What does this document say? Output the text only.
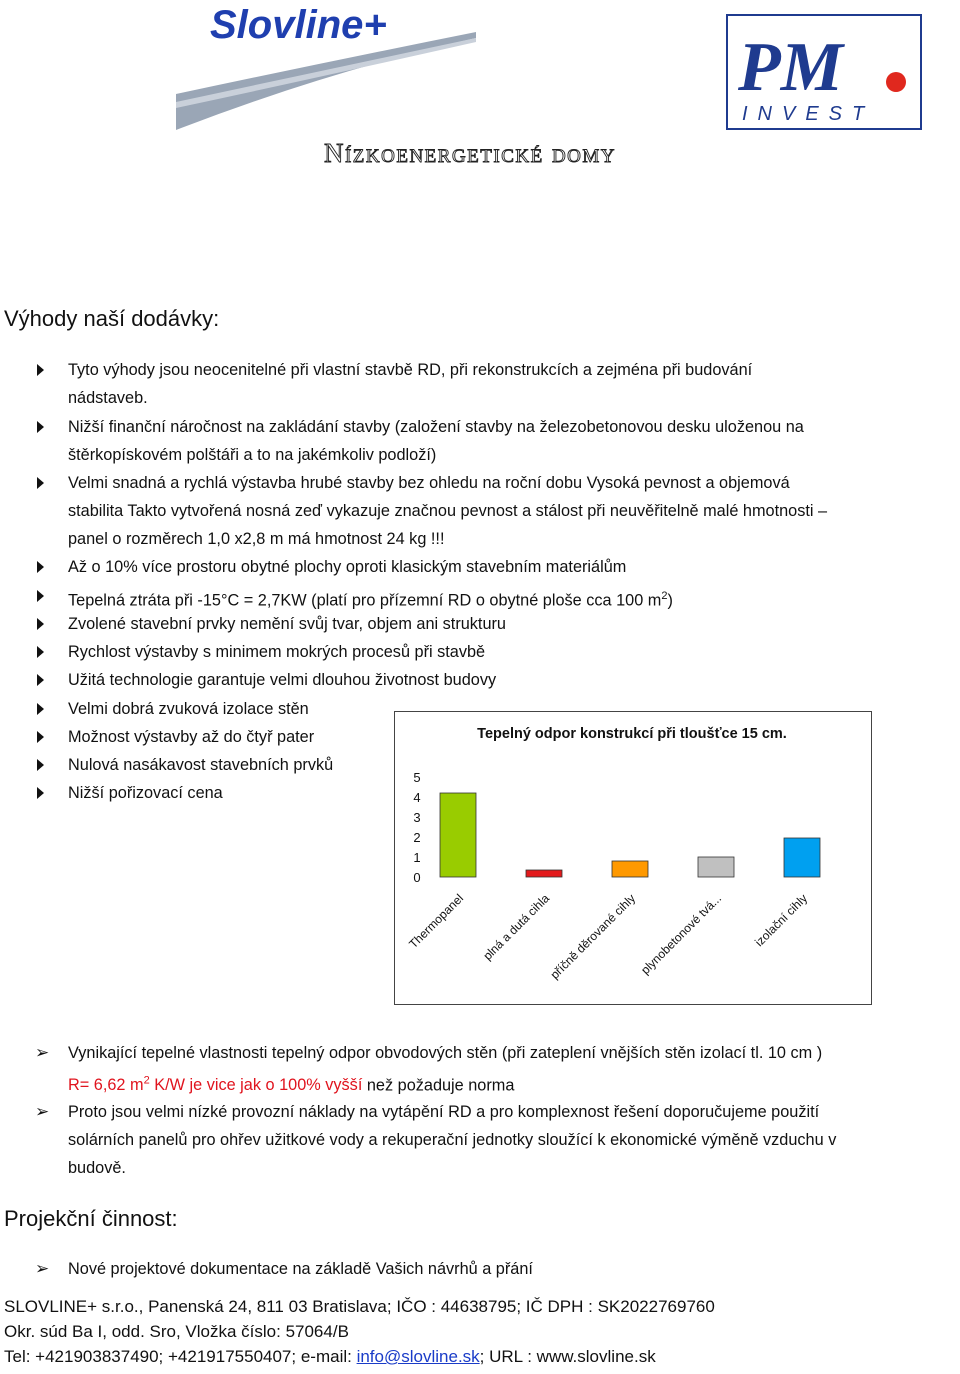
Slovline+
PM
INVEST
Nízkoenergetické domy
Výhody naší dodávky:
Tyto výhody jsou neocenitelné při vlastní stavbě RD, při rekonstrukcích a zejména při budování
nádstaveb.
Nižší finanční náročnost na zakládání stavby (založení stavby na železobetonovou desku uloženou na
štěrkopískovém polštáři a to na jakémkoliv podloží)
Velmi snadná a rychlá výstavba hrubé stavby bez ohledu na roční dobu Vysoká pevnost a objemová
stabilita Takto vytvořená nosná zeď vykazuje značnou pevnost a stálost při neuvěřitelně malé hmotnosti –
panel o rozměrech 1,0 x2,8 m má hmotnost 24 kg !!!
Až o 10% více prostoru obytné plochy oproti klasickým stavebním materiálům
Tepelná ztráta při -15°C = 2,7KW (platí pro přízemní RD o obytné ploše cca 100 $m^2$)
Zvolené stavební prvky nemění svůj tvar, objem ani strukturu
Rychlost výstavby s minimem mokrých procesů při stavbě
Užitá technologie garantuje velmi dlouhou životnost budovy
Velmi dobrá zvuková izolace stěn
Možnost výstavby až do čtyř pater
Nulová nasákavost stavebních prvků
Nižší pořizovací cena
Tepelný odpor konstrukcí při tloušťce 15 cm.
0
1
2
3
4
5
Thermopanel plná a dutá cihla
příčně děrované cihly plynobetonové tvá... izolační cihly
➢ Vynikající tepelné vlastnosti tepelný odpor obvodových stěn (při zateplení vnějších stěn izolací tl. 10 cm )
R= 6,62 $m^2$ K/W je vice jak o 100% vyšší než požaduje norma
➢ Proto jsou velmi nízké provozní náklady na vytápění RD a pro komplexnost řešení doporučujeme použití
solárních panelů pro ohřev užitkové vody a rekuperační jednotky sloužící k ekonomické výměně vzduchu v
budově.
Projekční činnost:
➢ Nové projektové dokumentace na základě Vašich návrhů a přání
SLOVLINE+ s.r.o., Panenská 24, 811 03 Bratislava; IČO : 44638795; IČ DPH : SK2022769760
Okr. súd Ba I, odd. Sro, Vložka číslo: 57064/B
Tel: +421903837490; +421917550407; e-mail: info@slovline.sk; URL : www.slovline.sk
